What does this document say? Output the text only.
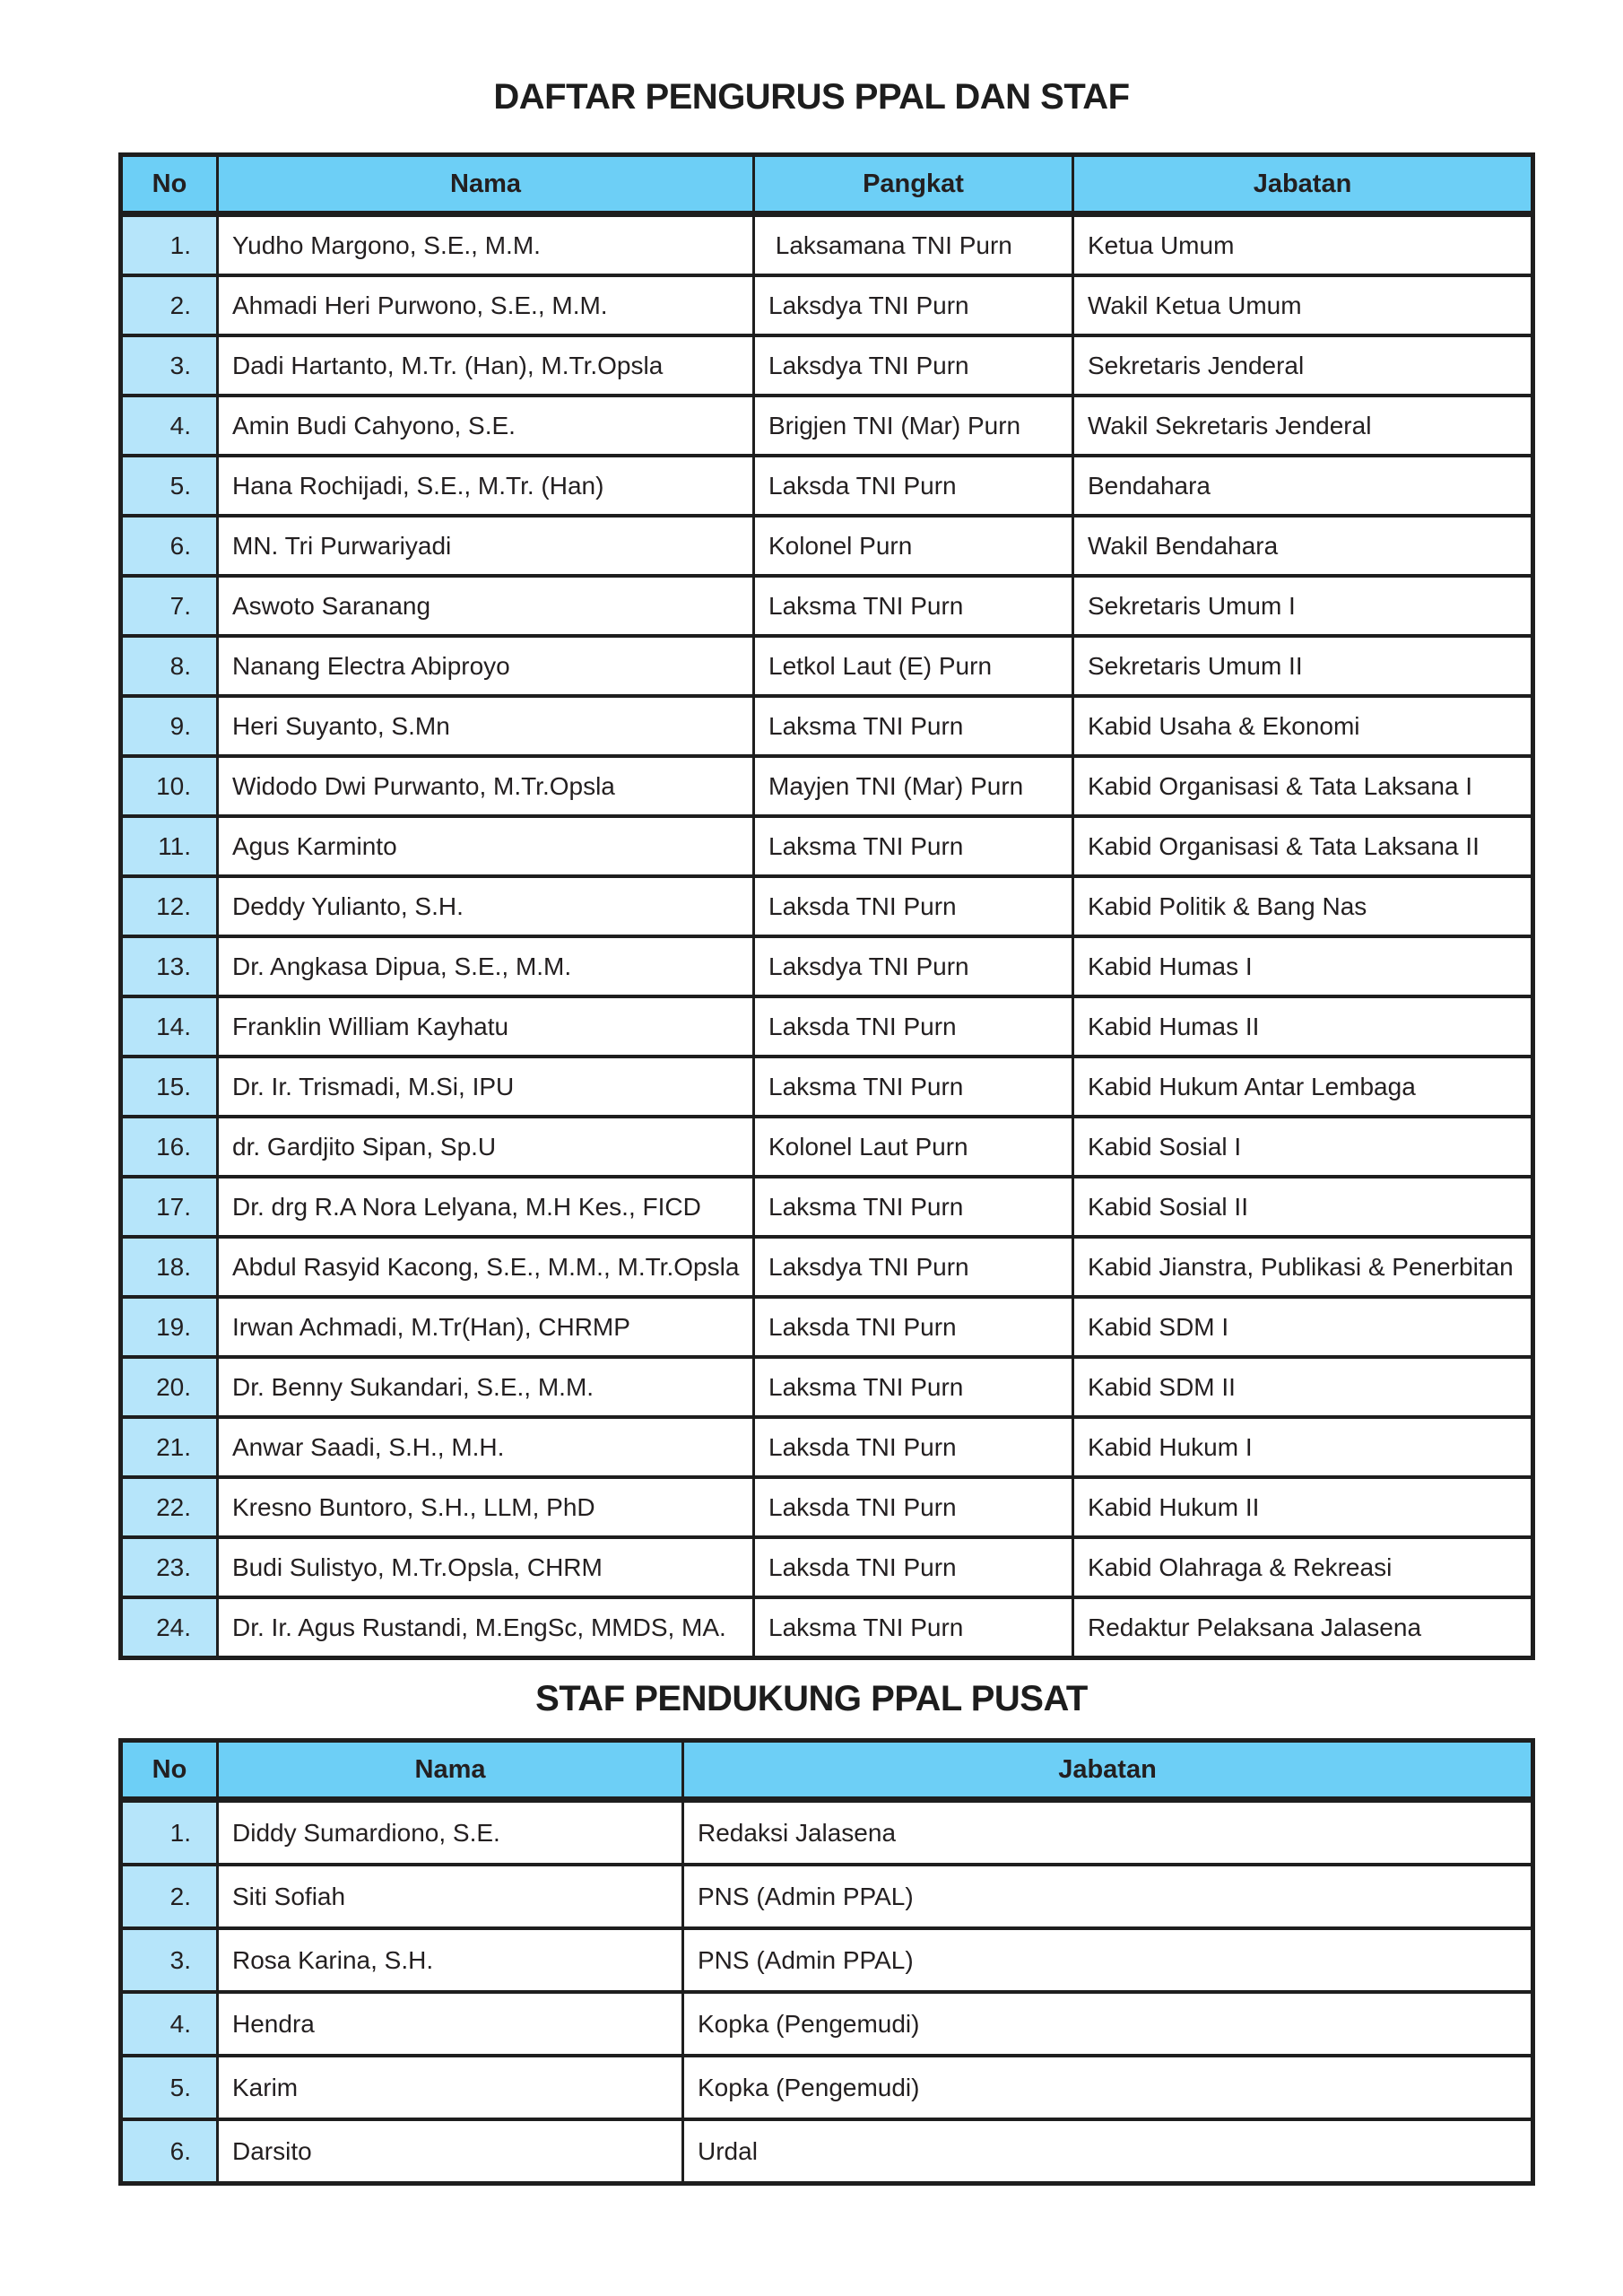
DAFTAR PENGURUS PPAL DAN STAF
No	Nama	Pangkat	Jabatan
1.	Yudho Margono, S.E., M.M.	Laksamana TNI Purn	Ketua Umum
2.	Ahmadi Heri Purwono, S.E., M.M.	Laksdya TNI Purn	Wakil Ketua Umum
3.	Dadi Hartanto, M.Tr. (Han), M.Tr.Opsla	Laksdya TNI Purn	Sekretaris Jenderal
4.	Amin Budi Cahyono, S.E.	Brigjen TNI (Mar) Purn	Wakil Sekretaris Jenderal
5.	Hana Rochijadi, S.E., M.Tr. (Han)	Laksda TNI Purn	Bendahara
6.	MN. Tri Purwariyadi	Kolonel Purn	Wakil Bendahara
7.	Aswoto Saranang	Laksma TNI Purn	Sekretaris Umum I
8.	Nanang Electra Abiproyo	Letkol Laut (E) Purn	Sekretaris Umum II
9.	Heri Suyanto, S.Mn	Laksma TNI Purn	Kabid Usaha & Ekonomi
10.	Widodo Dwi Purwanto, M.Tr.Opsla	Mayjen TNI (Mar) Purn	Kabid Organisasi & Tata Laksana I
11.	Agus Karminto	Laksma TNI Purn	Kabid Organisasi & Tata Laksana II
12.	Deddy Yulianto, S.H.	Laksda TNI Purn	Kabid Politik & Bang Nas
13.	Dr. Angkasa Dipua, S.E., M.M.	Laksdya TNI Purn	Kabid Humas I
14.	Franklin William Kayhatu	Laksda TNI Purn	Kabid Humas II
15.	Dr. Ir. Trismadi, M.Si, IPU	Laksma TNI Purn	Kabid Hukum Antar Lembaga
16.	dr. Gardjito Sipan, Sp.U	Kolonel Laut Purn	Kabid Sosial I
17.	Dr. drg R.A Nora Lelyana, M.H Kes., FICD	Laksma TNI Purn	Kabid Sosial II
18.	Abdul Rasyid Kacong, S.E., M.M., M.Tr.Opsla	Laksdya TNI Purn	Kabid Jianstra, Publikasi & Penerbitan
19.	Irwan Achmadi, M.Tr(Han), CHRMP	Laksda TNI Purn	Kabid SDM I
20.	Dr. Benny Sukandari, S.E., M.M.	Laksma TNI Purn	Kabid SDM II
21.	Anwar Saadi, S.H., M.H.	Laksda TNI Purn	Kabid Hukum I
22.	Kresno Buntoro, S.H., LLM, PhD	Laksda TNI Purn	Kabid Hukum II
23.	Budi Sulistyo, M.Tr.Opsla, CHRM	Laksda TNI Purn	Kabid Olahraga & Rekreasi
24.	Dr. Ir. Agus Rustandi, M.EngSc, MMDS, MA.	Laksma TNI Purn	Redaktur Pelaksana Jalasena
STAF PENDUKUNG PPAL PUSAT
No	Nama	Jabatan
1.	Diddy Sumardiono, S.E.	Redaksi Jalasena
2.	Siti Sofiah	PNS (Admin PPAL)
3.	Rosa Karina, S.H.	PNS (Admin PPAL)
4.	Hendra	Kopka (Pengemudi)
5.	Karim	Kopka (Pengemudi)
6.	Darsito	Urdal
